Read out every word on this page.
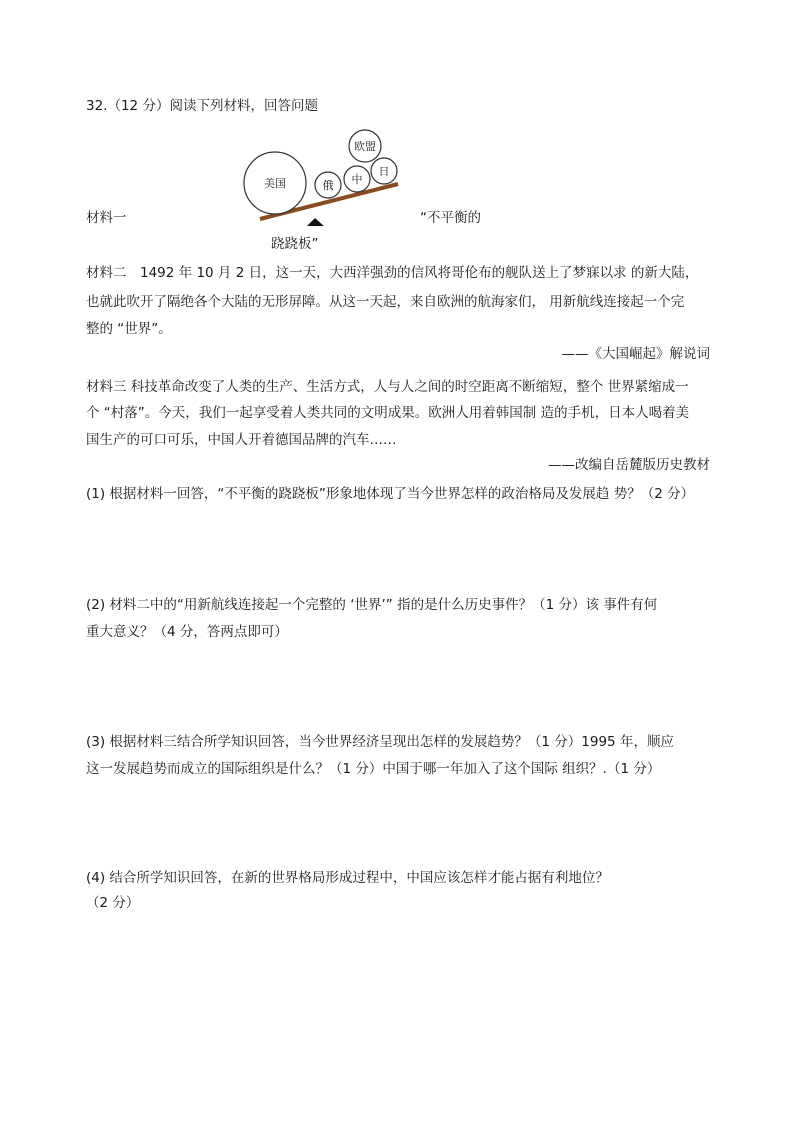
32.（12 分）阅读下列材料，回答问题
材料一
美国	俄 中
欧盟
日
“不平衡的
跷跷板”
材料二　1492 年 10 月 2 日，这一天，大西洋强劲的信风将哥伦布的舰队送上了梦寐以求 的新大陆，
也就此吹开了隔绝各个大陆的无形屏障。从这一天起，来自欧洲的航海家们， 用新航线连接起一个完
整的 “世界”。
——《大国崛起》解说词
材料三 科技革命改变了人类的生产、生活方式，人与人之间的时空距离不断缩短，整个 世界紧缩成一
个 “村落”。今天，我们一起享受着人类共同的文明成果。欧洲人用着韩国制 造的手机，日本人喝着美
国生产的可口可乐，中国人开着德国品牌的汽车……
——改编自岳麓版历史教材
(1) 根据材料一回答，“不平衡的跷跷板”形象地体现了当今世界怎样的政治格局及发展趋 势？（2 分）
(2) 材料二中的“用新航线连接起一个完整的 ‘世界’” 指的是什么历史事件？（1 分）该 事件有何
重大意义？（4 分，答两点即可）
(3) 根据材料三结合所学知识回答，当今世界经济呈现出怎样的发展趋势？（1 分）1995 年，顺应
这一发展趋势而成立的国际组织是什么？（1 分）中国于哪一年加入了这个国际 组织？.（1 分）
(4) 结合所学知识回答，在新的世界格局形成过程中，中国应该怎样才能占据有利地位？
（2 分）
